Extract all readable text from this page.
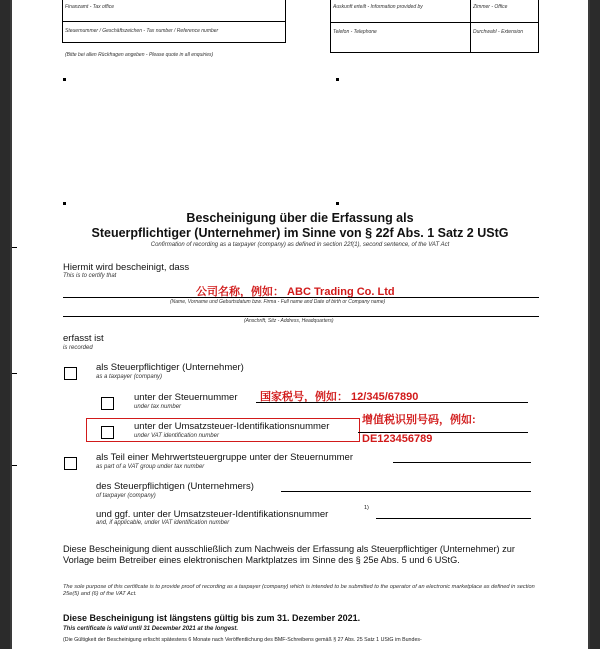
Finanzamt - Tax office
Steuernummer / Geschäftszeichen - Tax number / Reference number
(Bitte bei allen Rückfragen angeben - Please quote in all enquiries)
Auskunft erteilt - Information provided by	Zimmer - Office
Telefon - Telephone	Durchwahl - Extension
Bescheinigung über die Erfassung als
Steuerpflichtiger (Unternehmer) im Sinne von § 22f Abs. 1 Satz 2 UStG
Confirmation of recording as a taxpayer (company) as defined in section 22f(1), second sentence, of the VAT Act
Hiermit wird bescheinigt, dass
This is to certify that
公司名称，例如： ABC Trading Co. Ltd
(Name, Vorname und Geburtsdatum bzw. Firma - Full name and Date of birth or Company name)
(Anschrift, Sitz - Address, Headquarters)
erfasst ist
is recorded
als Steuerpflichtiger (Unternehmer)
as a taxpayer (company)
unter der Steuernummer
under tax number
国家税号，例如： 12/345/67890
unter der Umsatzsteuer-Identifikationsnummer
under VAT identification number
增值税识别号码，例如:
DE123456789
als Teil einer Mehrwertsteuergruppe unter der Steuernummer
as part of a VAT group under tax number
des Steuerpflichtigen (Unternehmers)
of taxpayer (company)
und ggf. unter der Umsatzsteuer-Identifikationsnummer
1)
and, if applicable, under VAT identification number
Diese Bescheinigung dient ausschließlich zum Nachweis der Erfassung als Steuerpflichtiger (Unternehmer) zur Vorlage beim Betreiber eines elektronischen Marktplatzes im Sinne des § 25e Abs. 5 und 6 UStG.
The sole purpose of this certificate is to provide proof of recording as a taxpayer (company) which is intended to be submitted to the operator of an electronic marketplace as defined in section 25e(5) and (6) of the VAT Act.
Diese Bescheinigung ist längstens gültig bis zum 31. Dezember 2021.
This certificate is valid until 31 December 2021 at the longest.
(Die Gültigkeit der Bescheinigung erlischt spätestens 6 Monate nach Veröffentlichung des BMF-Schreibens gemäß § 27 Abs. 25 Satz 1 UStG im Bundes-
